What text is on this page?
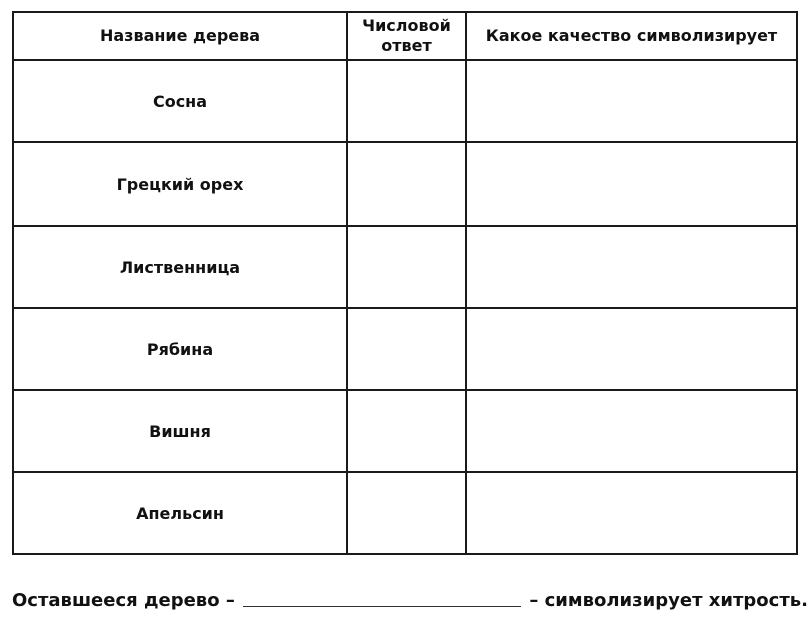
Название дерева	Числовой ответ	Какое качество символизирует
Сосна		
Грецкий орех		
Лиственница		
Рябина		
Вишня		
Апельсин		
Оставшееся дерево –	– символизирует хитрость.
